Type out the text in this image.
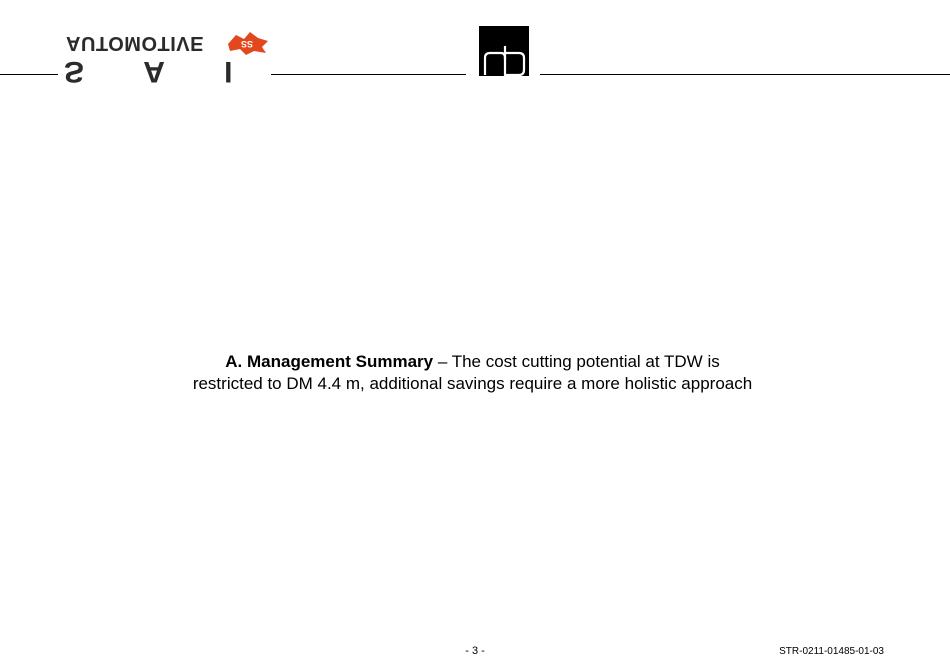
S A I
AUTOMOTIVE	SS
A. Management Summary – The cost cutting potential at TDW is
restricted to DM 4.4 m, additional savings require a more holistic approach
- 3 -	STR-0211-01485-01-03
